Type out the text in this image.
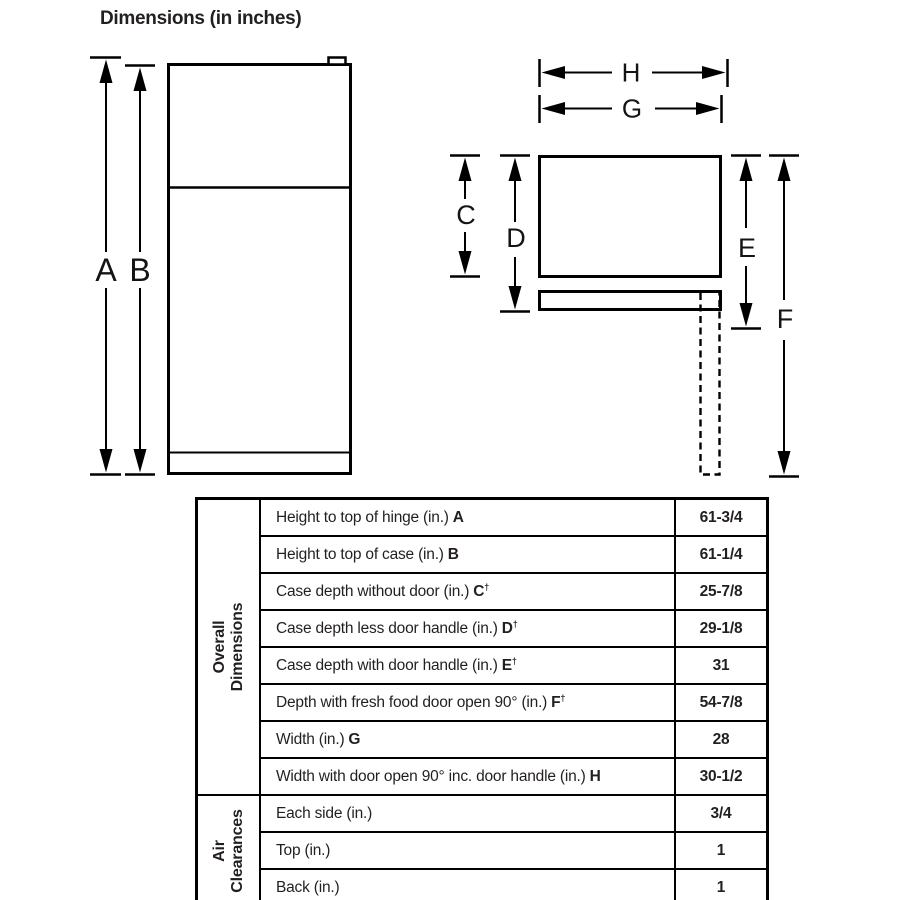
Dimensions (in inches)
A B
H
G
C
D	E
F
Overall Dimensions	Height to top of hinge (in.) A	61-3/4
	Height to top of case (in.) B	61-1/4
	Case depth without door (in.) C†	25-7/8
	Case depth less door handle (in.) D†	29-1/8
	Case depth with door handle (in.) E†	31
	Depth with fresh food door open 90° (in.) F†	54-7/8
	Width (in.) G	28
	Width with door open 90° inc. door handle (in.) H	30-1/2

Air Clearances	Each side (in.)	3/4
	Top (in.)	1
	Back (in.)	1
